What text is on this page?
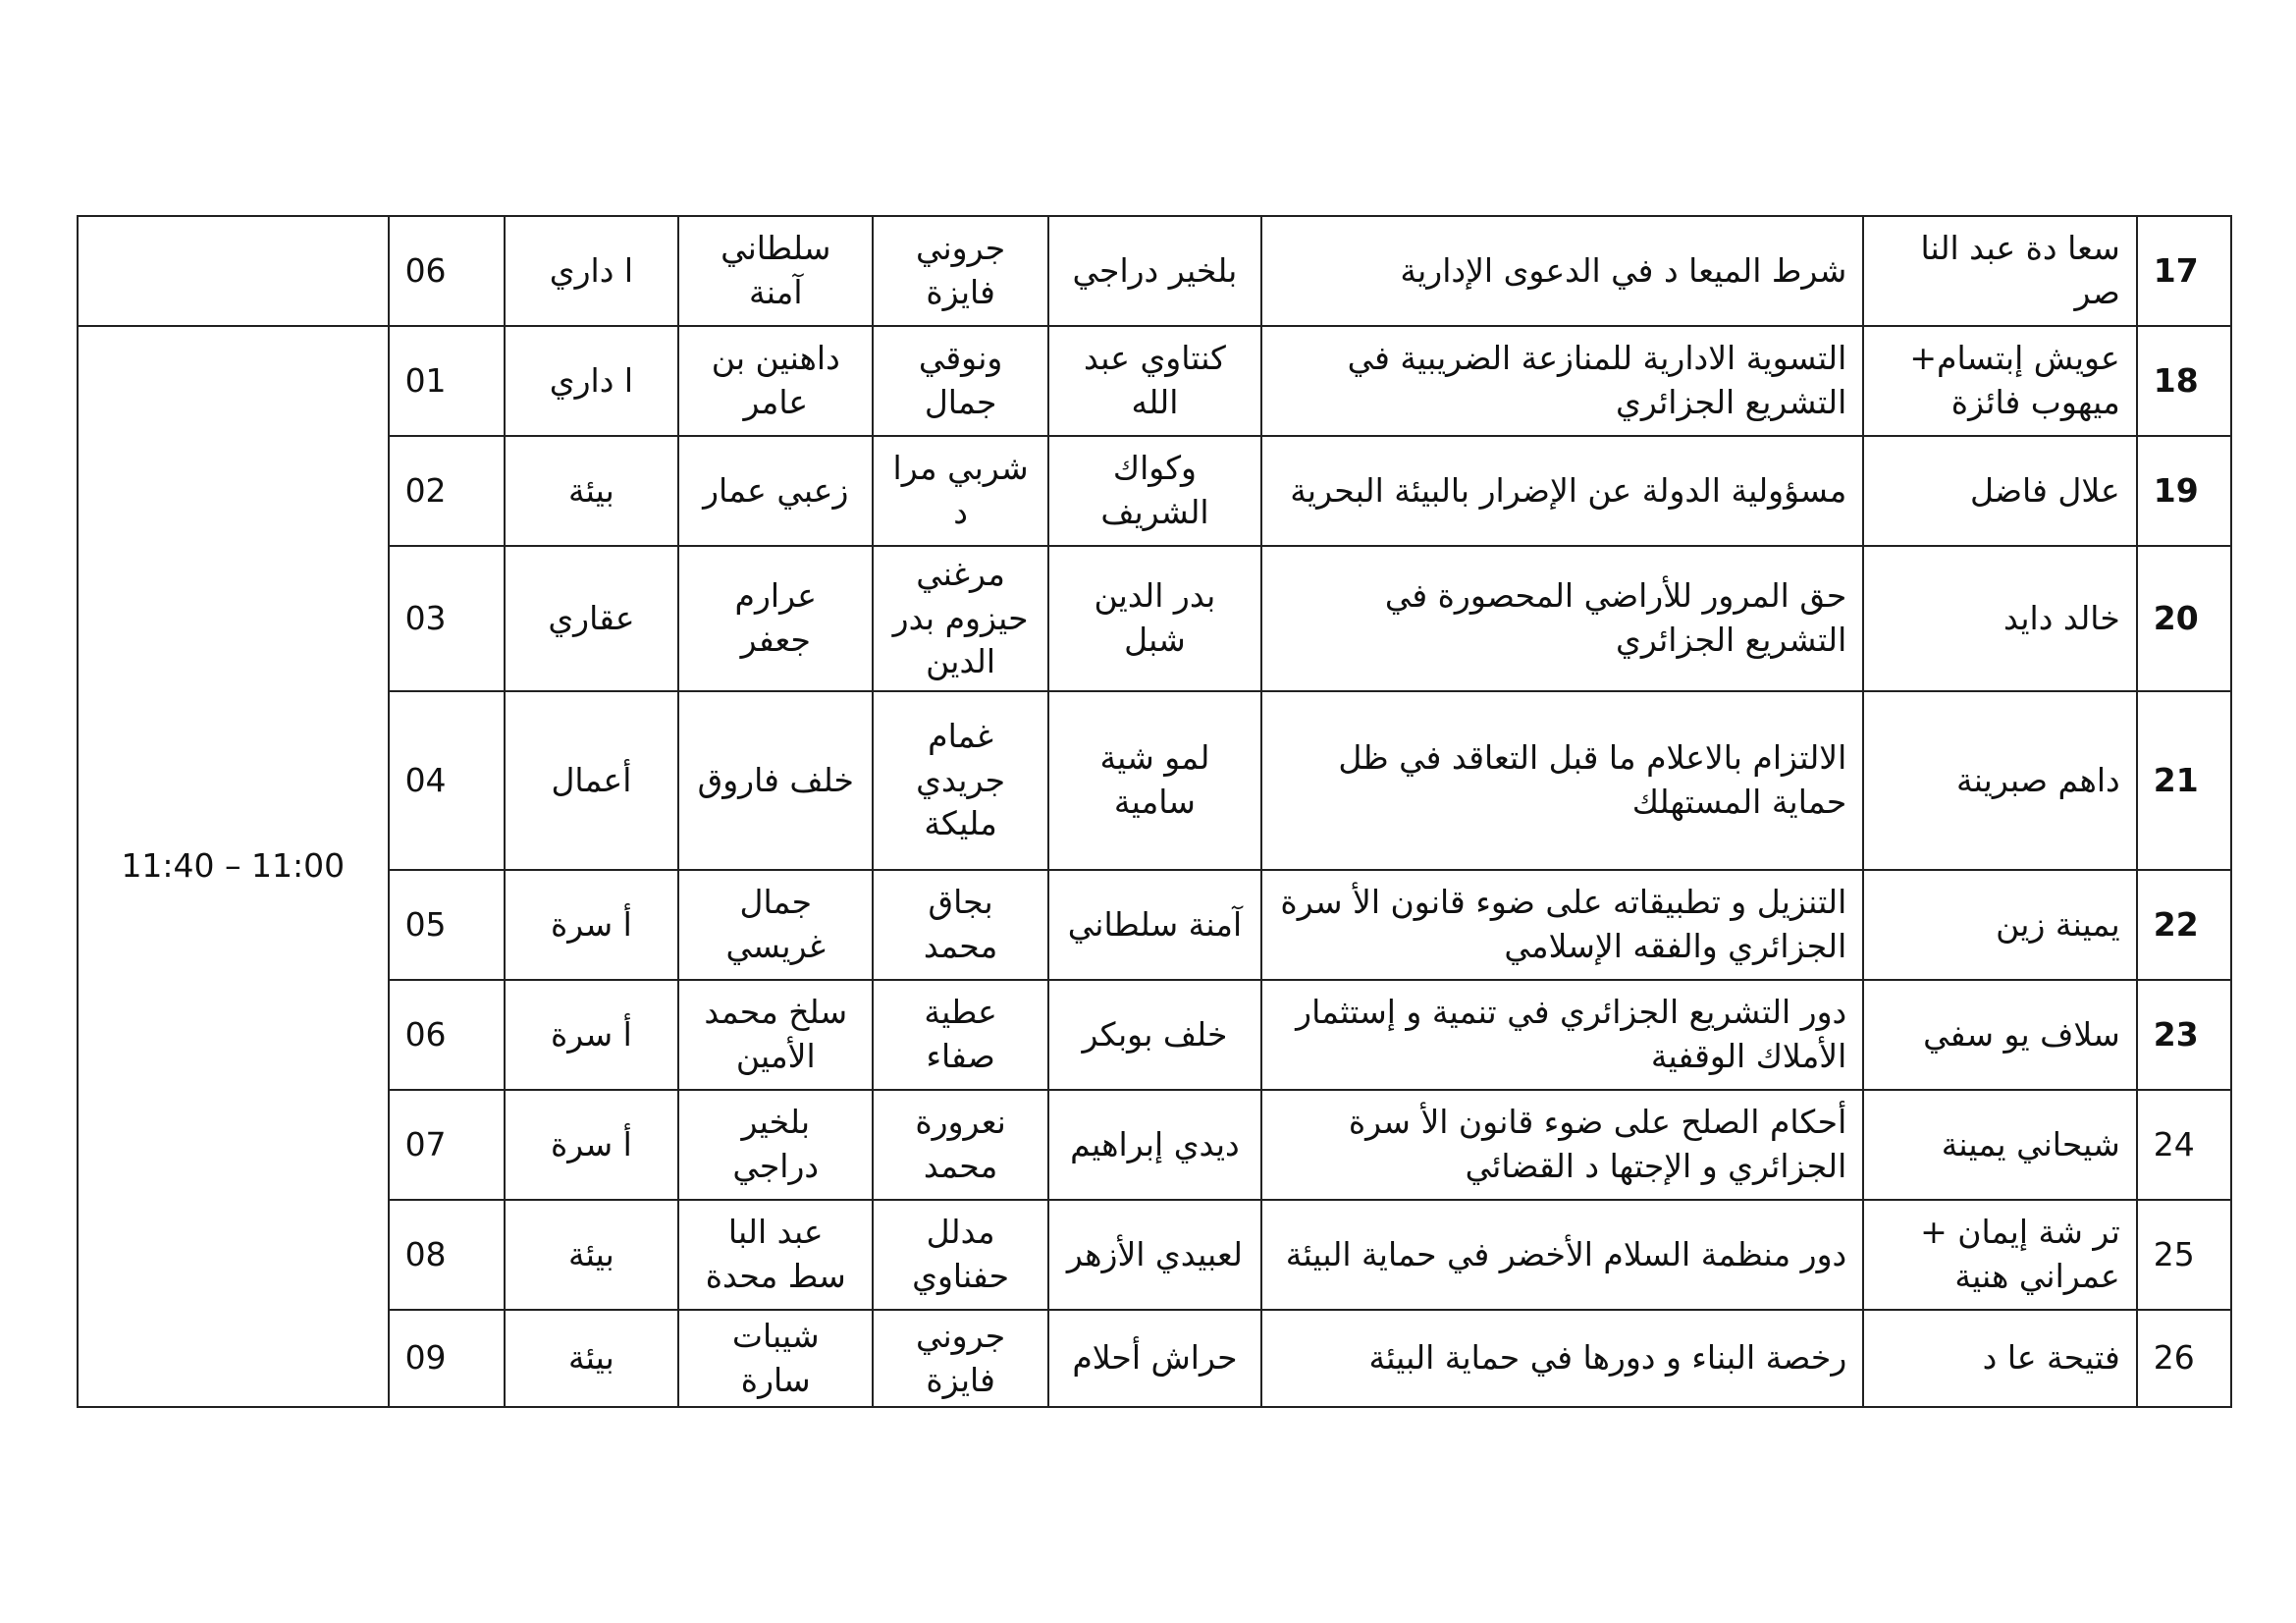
	06	ا داري	سلطاني آمنة	جروني فايزة	بلخير دراجي	شرط الميعا د في الدعوى الإدارية	سعا دة عبد النا صر	17
11:40 – 11:00	01	ا داري	داهنين بن عامر	ونوقي جمال	كنتاوي عبد الله	التسوية الادارية للمنازعة الضريبية في التشريع الجزائري	عويش إبتسام+ ميهوب فائزة	18
	02	بيئة	زعبي عمار	شربي مرا د	وكواك الشريف	مسؤولية الدولة عن الإضرار بالبيئة البحرية	علال فاضل	19
	03	عقاري	عرارم جعفر	مرغني حيزوم بدر الدين	بدر الدين شبل	حق المرور للأراضي المحصورة في التشريع الجزائري	خالد دايد	20
	04	أعمال	خلف فاروق	غمام جريدي مليكة	لمو شية سامية	الالتزام بالاعلام ما قبل التعاقد في ظل حماية المستهلك	داهم صبرينة	21
	05	أ سرة	جمال غريسي	بجاق محمد	آمنة سلطاني	التنزيل و تطبيقاته على ضوء قانون الأ سرة الجزائري والفقه الإسلامي	يمينة زين	22
	06	أ سرة	سلخ محمد الأمين	عطية صفاء	خلف بوبكر	دور التشريع الجزائري في تنمية و إستثمار الأملاك الوقفية	سلاف يو سفي	23
	07	أ سرة	بلخير دراجي	نعرورة محمد	ديدي إبراهيم	أحكام الصلح على ضوء قانون الأ سرة الجزائري و الإجتها د القضائي	شيحاني يمينة	24
	08	بيئة	عبد البا سط محدة	مدلل حفناوي	لعبيدي الأزهر	دور منظمة السلام الأخضر في حماية البيئة	تر شة إيمان + عمراني هنية	25
	09	بيئة	شيبات سارة	جروني فايزة	حراش أحلام	رخصة البناء و دورها في حماية البيئة	فتيحة عا د	26
